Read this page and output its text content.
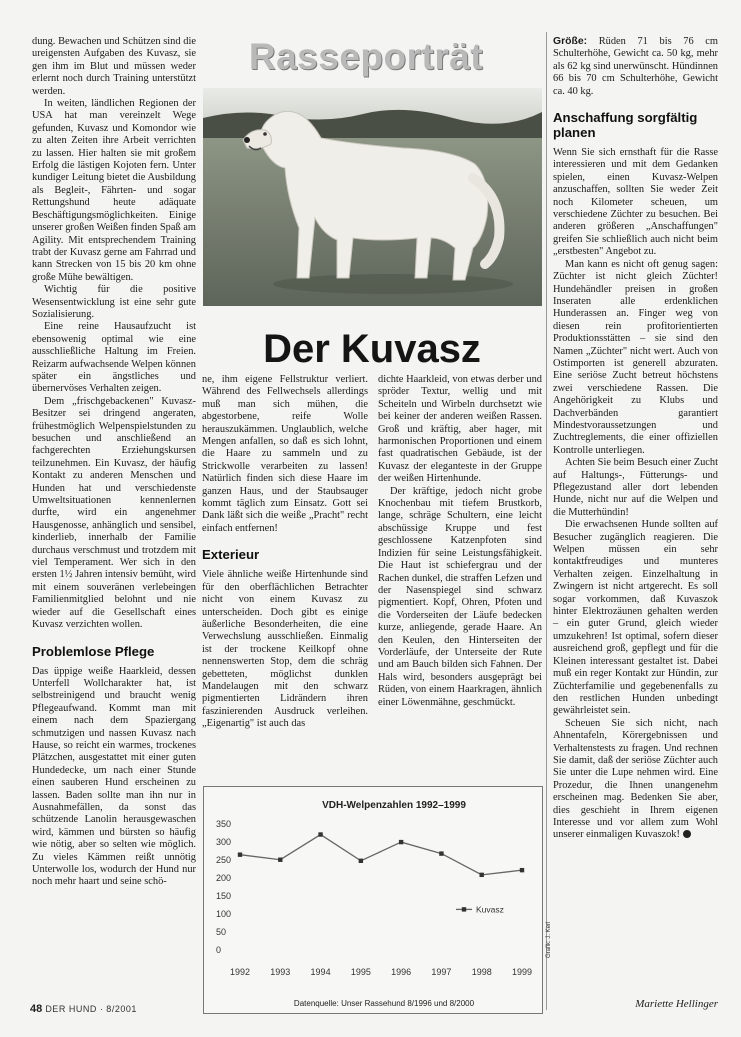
Rasseporträt
Der Kuvasz

dung. Bewachen und Schützen sind die ureigensten Aufgaben des Kuvasz, sie gen ihm im Blut und müssen weder erlernt noch durch Training unterstützt werden.

In weiten, ländlichen Regionen der USA hat man vereinzelt Wege gefunden, Kuvasz und Komondor wie zu alten Zeiten ihre Arbeit verrichten zu lassen. Hier halten sie mit großem Erfolg die lästigen Kojoten fern. Unter kundiger Leitung bietet die Ausbildung als Begleit-, Fährten- und sogar Rettungshund heute adäquate Beschäftigungsmöglichkeiten. Einige unserer großen Weißen finden Spaß am Agility. Mit entsprechendem Training trabt der Kuvasz gerne am Fahrrad und kann Strecken von 15 bis 20 km ohne große Mühe bewältigen.

Wichtig für die positive Wesensentwicklung ist eine sehr gute Sozialisierung.

Eine reine Hausaufzucht ist ebensowenig optimal wie eine ausschließliche Haltung im Freien. Reizarm aufwachsende Welpen können später ein ängstliches und übernervöses Verhalten zeigen.

Dem „frischgebackenen" Kuvasz-Besitzer sei dringend angeraten, frühestmöglich Welpenspielstunden zu besuchen und anschließend an fachgerechten Erziehungskursen teilzunehmen. Ein Kuvasz, der häufig Kontakt zu anderen Menschen und Hunden hat und verschiedenste Umweltsituationen kennenlernen durfte, wird ein angenehmer Hausgenosse, anhänglich und sensibel, kinderlieb, innerhalb der Familie durchaus verschmust und trotzdem mit viel Temperament. Wer sich in den ersten 1½ Jahren intensiv bemüht, wird mit einem souveränen verlebeingen Familienmitglied belohnt und nie wieder auf die Gesellschaft eines Kuvasz verzichten wollen.

Problemlose Pflege

Das üppige weiße Haarkleid, dessen Unterfell Wollcharakter hat, ist selbstreinigend und braucht wenig Pflegeaufwand. Kommt man mit einem nach dem Spaziergang schmutzigen und nassen Kuvasz nach Hause, so reicht ein warmes, trockenes Plätzchen, ausgestattet mit einer guten Hundedecke, um nach einer Stunde einen sauberen Hund erscheinen zu lassen. Baden sollte man ihn nur in Ausnahmefällen, da sonst das schützende Lanolin herausgewaschen wird, kämmen und bürsten so häufig wie nötig, aber so selten wie möglich. Zu vieles Kämmen reißt unnötig Unterwolle los, wodurch der Hund nur noch mehr haart und seine schö-

ne, ihm eigene Fellstruktur verliert. Während des Fellwechsels allerdings muß man sich mühen, die abgestorbene, reife Wolle herauszukämmen. Unglaublich, welche Mengen anfallen, so daß es sich lohnt, die Haare zu sammeln und zu Strickwolle verarbeiten zu lassen! Natürlich finden sich diese Haare im ganzen Haus, und der Staubsauger kommt täglich zum Einsatz. Gott sei Dank läßt sich die weiße „Pracht" recht einfach entfernen!

Exterieur

Viele ähnliche weiße Hirtenhunde sind für den oberflächlichen Betrachter nicht von einem Kuvasz zu unterscheiden. Doch gibt es einige äußerliche Besonderheiten, die eine Verwechslung ausschließen. Einmalig ist der trockene Keilkopf ohne nennenswerten Stop, dem die schräg gebetteten, möglichst dunklen Mandelaugen mit den schwarz pigmentierten Lidrändern ihren faszinierenden Ausdruck verleihen. „Eigenartig" ist auch das

dichte Haarkleid, von etwas derber und spröder Textur, wellig und mit Scheiteln und Wirbeln durchsetzt wie bei keiner der anderen weißen Rassen. Groß und kräftig, aber hager, mit harmonischen Proportionen und einem fast quadratischen Gebäude, ist der Kuvasz der eleganteste in der Gruppe der weißen Hirtenhunde.

Der kräftige, jedoch nicht grobe Knochenbau mit tiefem Brustkorb, lange, schräge Schultern, eine leicht abschüssige Kruppe und fest geschlossene Katzenpfoten sind Indizien für seine Leistungsfähigkeit. Die Haut ist schiefergrau und der Rachen dunkel, die straffen Lefzen und der Nasenspiegel sind schwarz pigmentiert. Kopf, Ohren, Pfoten und die Vorderseiten der Läufe bedecken kurze, anliegende, gerade Haare. An den Keulen, den Hinterseiten der Vorderläufe, der Unterseite der Rute und am Bauch bilden sich Fahnen. Der Hals wird, besonders ausgeprägt bei Rüden, von einem Haarkragen, ähnlich einer Löwenmähne, geschmückt.

Größe: Rüden 71 bis 76 cm Schulterhöhe, Gewicht ca. 50 kg, mehr als 62 kg sind unerwünscht. Hündinnen 66 bis 70 cm Schulterhöhe, Gewicht ca. 40 kg.

Anschaffung sorgfältig planen

Wenn Sie sich ernsthaft für die Rasse interessieren und mit dem Gedanken spielen, einen Kuvasz-Welpen anzuschaffen, sollten Sie weder Zeit noch Kilometer scheuen, um verschiedene Züchter zu besuchen. Bei anderen größeren „Anschaffungen" greifen Sie schließlich auch nicht beim „erstbesten" Angebot zu.

Man kann es nicht oft genug sagen: Züchter ist nicht gleich Züchter! Hundehändler preisen in großen Inseraten alle erdenklichen Hunderassen an. Finger weg von diesen rein profitorientierten Produktionsstätten – sie sind den Namen „Züchter" nicht wert. Auch von Ostimporten ist generell abzuraten. Eine seriöse Zucht betreut höchstens zwei verschiedene Rassen. Die Angehörigkeit zu Klubs und Dachverbänden garantiert Mindestvoraussetzungen und Zuchtreglements, die einer offiziellen Kontrolle unterliegen.

Achten Sie beim Besuch einer Zucht auf Haltungs-, Fütterungs- und Pflegezustand aller dort lebenden Hunde, nicht nur auf die Welpen und die Mutterhündin!

Die erwachsenen Hunde sollten auf Besucher zugänglich reagieren. Die Welpen müssen ein sehr kontaktfreudiges und munteres Verhalten zeigen. Einzelhaltung in Zwingern ist nicht artgerecht. Es soll sogar vorkommen, daß Kuvaszok hinter Elektrozäunen gehalten werden – ein guter Grund, gleich wieder umzukehren! Ist optimal, sofern dieser ausreichend groß, gepflegt und für die Kleinen interessant gestaltet ist. Dabei muß ein reger Kontakt zur Hündin, zur Züchterfamilie und gegebenenfalls zu den restlichen Hunden unbedingt gewährleistet sein.

Scheuen Sie sich nicht, nach Ahnentafeln, Körergebnissen und Verhaltenstests zu fragen. Und rechnen Sie damit, daß der seriöse Züchter auch Sie unter die Lupe nehmen wird. Eine Prozedur, die Ihnen unangenehm erscheinen mag. Bedenken Sie aber, dies geschieht in Ihrem eigenen Interesse und vor allem zum Wohl unserer einmaligen Kuvaszok!

VDH-Welpenzahlen 1992–1999
Datenquelle: Unser Rassehund 8/1996 und 8/2000
350
300
250
200
150
100
50
0
1992 1993 1994 1995 1996 1997 1998 1999
Kuvasz
Grafik: J. Kerl
Mariette Hellinger
48 DER HUND · 8/2001
